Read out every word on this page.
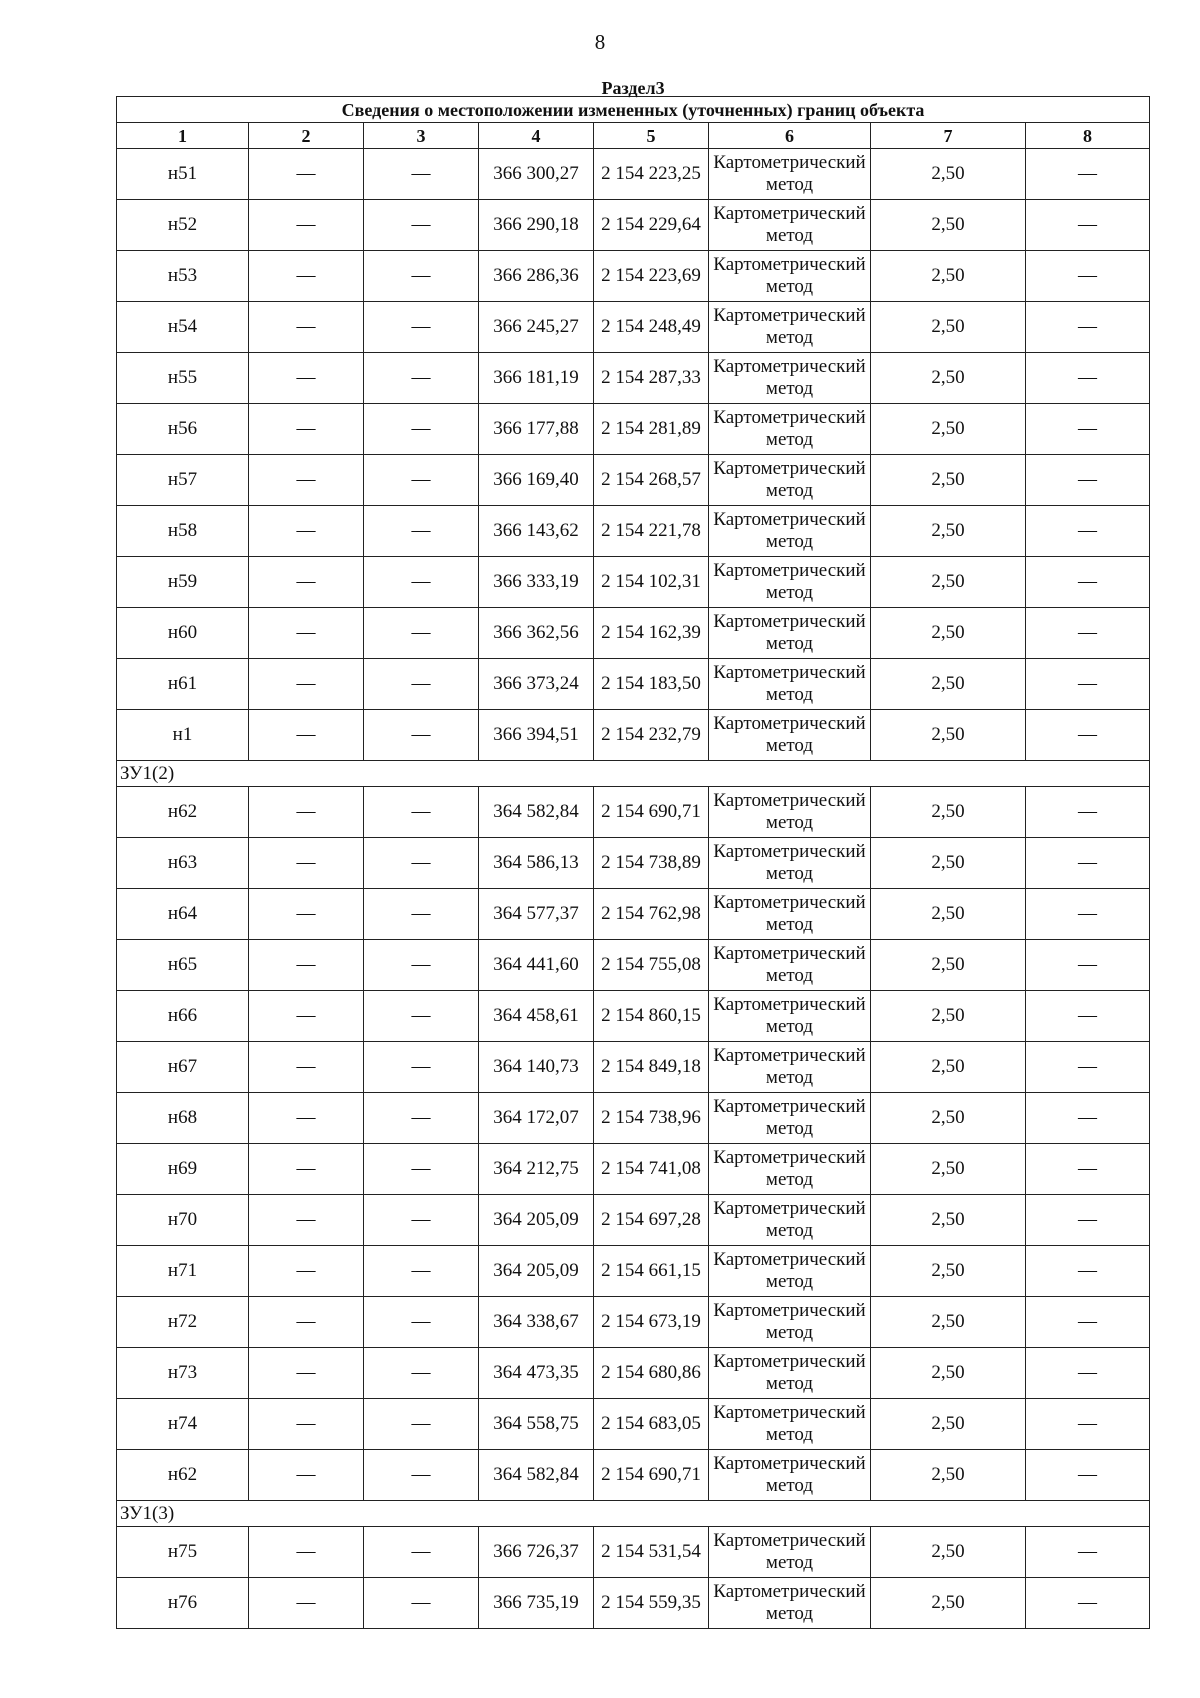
8
Раздел3							
Сведения о местоположении измененных (уточненных) границ объекта							
1	2	3	4	5	6	7	8
н51	—	—	366 300,27	2 154 223,25	Картометрический метод	2,50	—
н52	—	—	366 290,18	2 154 229,64	Картометрический метод	2,50	—
н53	—	—	366 286,36	2 154 223,69	Картометрический метод	2,50	—
н54	—	—	366 245,27	2 154 248,49	Картометрический метод	2,50	—
н55	—	—	366 181,19	2 154 287,33	Картометрический метод	2,50	—
н56	—	—	366 177,88	2 154 281,89	Картометрический метод	2,50	—
н57	—	—	366 169,40	2 154 268,57	Картометрический метод	2,50	—
н58	—	—	366 143,62	2 154 221,78	Картометрический метод	2,50	—
н59	—	—	366 333,19	2 154 102,31	Картометрический метод	2,50	—
н60	—	—	366 362,56	2 154 162,39	Картометрический метод	2,50	—
н61	—	—	366 373,24	2 154 183,50	Картометрический метод	2,50	—
н1	—	—	366 394,51	2 154 232,79	Картометрический метод	2,50	—
ЗУ1(2)							
н62	—	—	364 582,84	2 154 690,71	Картометрический метод	2,50	—
н63	—	—	364 586,13	2 154 738,89	Картометрический метод	2,50	—
н64	—	—	364 577,37	2 154 762,98	Картометрический метод	2,50	—
н65	—	—	364 441,60	2 154 755,08	Картометрический метод	2,50	—
н66	—	—	364 458,61	2 154 860,15	Картометрический метод	2,50	—
н67	—	—	364 140,73	2 154 849,18	Картометрический метод	2,50	—
н68	—	—	364 172,07	2 154 738,96	Картометрический метод	2,50	—
н69	—	—	364 212,75	2 154 741,08	Картометрический метод	2,50	—
н70	—	—	364 205,09	2 154 697,28	Картометрический метод	2,50	—
н71	—	—	364 205,09	2 154 661,15	Картометрический метод	2,50	—
н72	—	—	364 338,67	2 154 673,19	Картометрический метод	2,50	—
н73	—	—	364 473,35	2 154 680,86	Картометрический метод	2,50	—
н74	—	—	364 558,75	2 154 683,05	Картометрический метод	2,50	—
н62	—	—	364 582,84	2 154 690,71	Картометрический метод	2,50	—
ЗУ1(3)							
н75	—	—	366 726,37	2 154 531,54	Картометрический метод	2,50	—
н76	—	—	366 735,19	2 154 559,35	Картометрический метод	2,50	—
